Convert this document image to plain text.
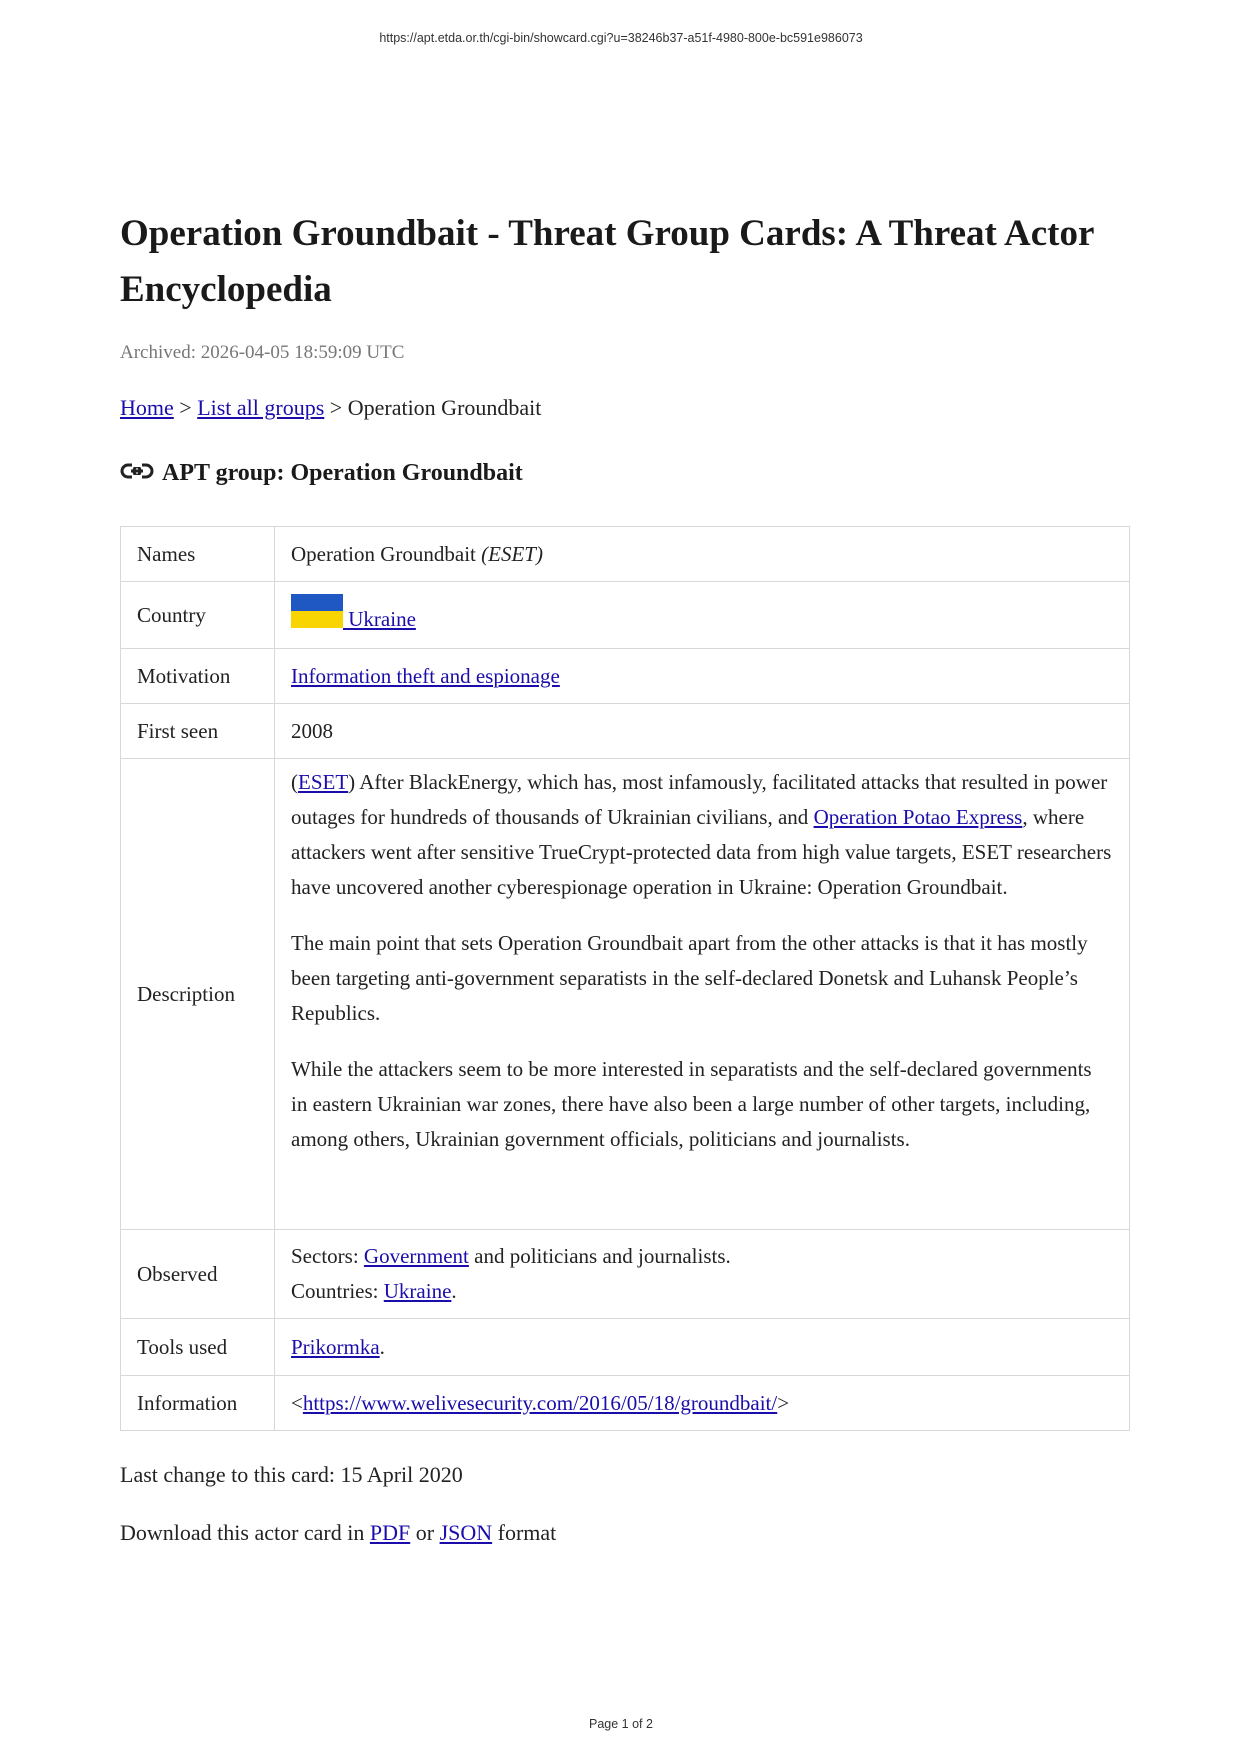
https://apt.etda.or.th/cgi-bin/showcard.cgi?u=38246b37-a51f-4980-800e-bc591e986073
Operation Groundbait - Threat Group Cards: A Threat Actor Encyclopedia
Archived: 2026-04-05 18:59:09 UTC
Home > List all groups > Operation Groundbait
APT group: Operation Groundbait
Names	Operation Groundbait (ESET)
Country	Ukraine
Motivation	Information theft and espionage
First seen	2008
Description	(ESET) After BlackEnergy, which has, most infamously, facilitated attacks that resulted in power outages for hundreds of thousands of Ukrainian civilians, and Operation Potao Express, where attackers went after sensitive TrueCrypt-protected data from high value targets, ESET researchers have uncovered another cyberespionage operation in Ukraine: Operation Groundbait.

The main point that sets Operation Groundbait apart from the other attacks is that it has mostly been targeting anti-government separatists in the self-declared Donetsk and Luhansk People’s Republics.

While the attackers seem to be more interested in separatists and the self-declared governments in eastern Ukrainian war zones, there have also been a large number of other targets, including, among others, Ukrainian government officials, politicians and journalists.

Observed	Sectors: Government and politicians and journalists.
Countries: Ukraine.
Tools used	Prikormka.
Information	<https://www.welivesecurity.com/2016/05/18/groundbait/>
Last change to this card: 15 April 2020
Download this actor card in PDF or JSON format
Page 1 of 2
